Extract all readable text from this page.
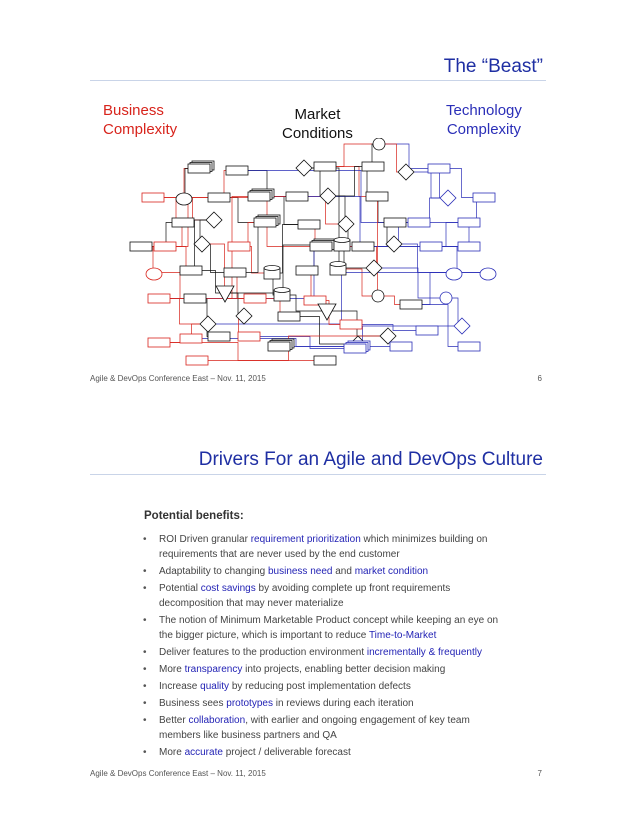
The “Beast”
Business
Complexity
Market
Conditions
Technology
Complexity
Agile & DevOps Conference East – Nov. 11, 2015	6
Drivers For an Agile and DevOps Culture
Potential benefits:
• ROI Driven granular requirement prioritization which minimizes building on requirements that are never used by the end customer
• Adaptability to changing business need and market condition
• Potential cost savings by avoiding complete up front requirements decomposition that may never materialize
• The notion of Minimum Marketable Product concept while keeping an eye on the bigger picture, which is important to reduce Time-to-Market
• Deliver features to the production environment incrementally & frequently
• More transparency into projects, enabling better decision making
• Increase quality by reducing post implementation defects
• Business sees prototypes in reviews during each iteration
• Better collaboration, with earlier and ongoing engagement of key team members like business partners and QA
• More accurate project / deliverable forecast
Agile & DevOps Conference East – Nov. 11, 2015	7
